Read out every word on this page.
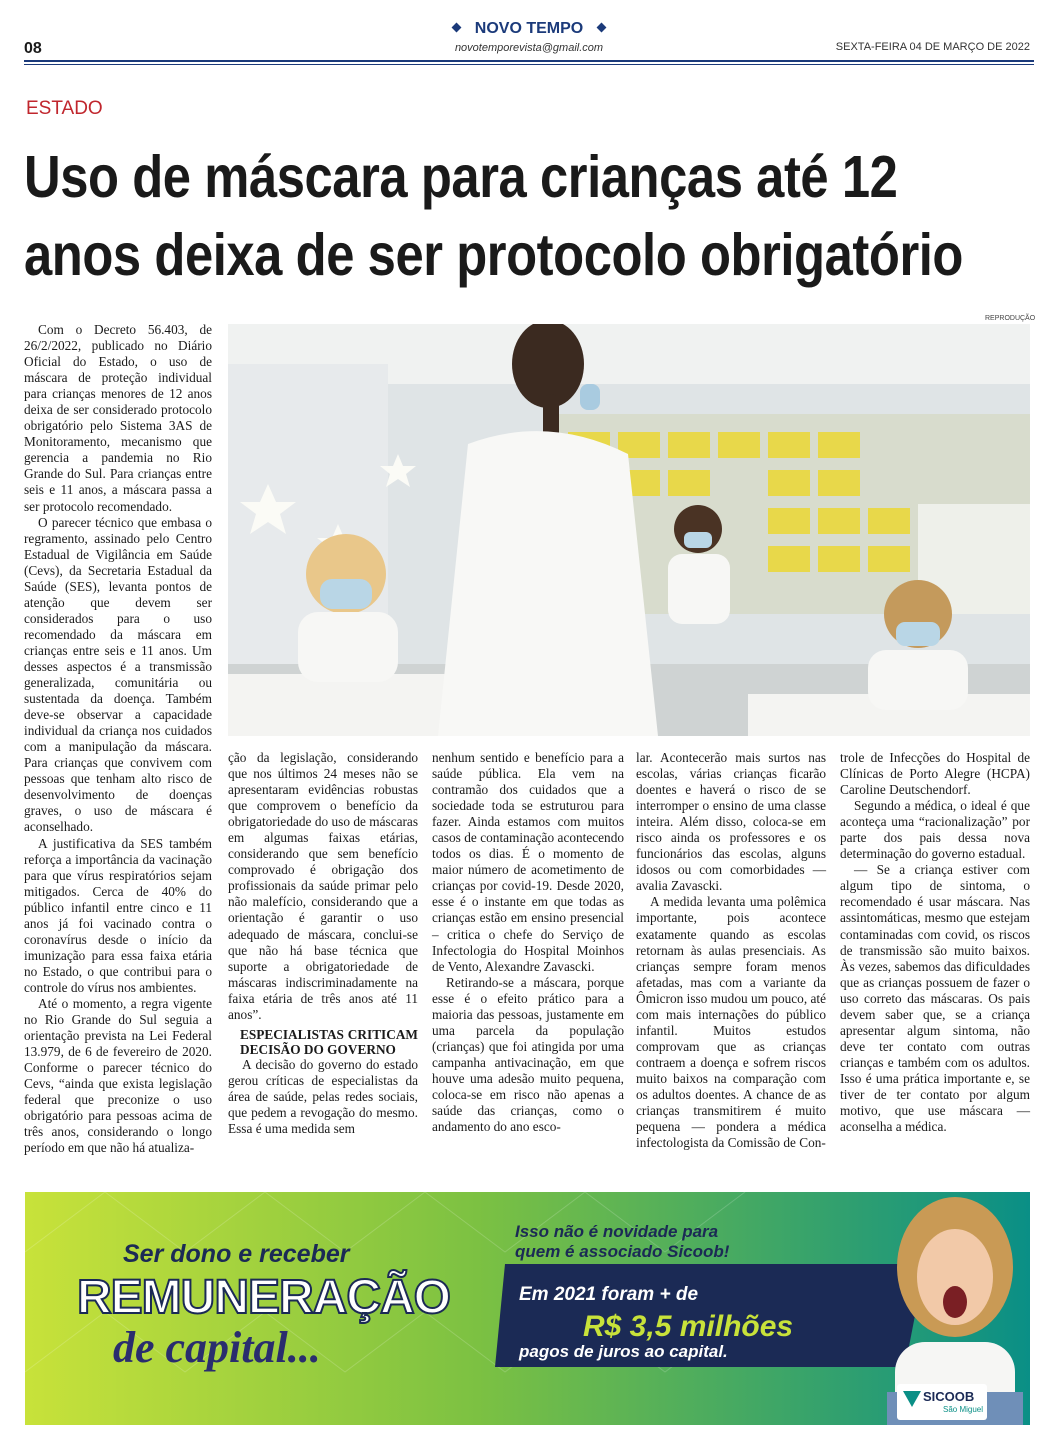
NOVO TEMPO
novotemporevista@gmail.com
08	SEXTA-FEIRA 04 DE MARÇO DE 2022
ESTADO
Uso de máscara para crianças até 12
anos deixa de ser protocolo obrigatório
REPRODUÇÃO

Com o Decreto 56.403, de 26/2/2022, publicado no Diário Oficial do Estado, o uso de máscara de proteção individual para crianças menores de 12 anos deixa de ser considerado protocolo obrigatório pelo Sistema 3AS de Monitoramento, mecanismo que gerencia a pandemia no Rio Grande do Sul. Para crianças entre seis e 11 anos, a máscara passa a ser protocolo recomendado.

O parecer técnico que embasa o regramento, assinado pelo Centro Estadual de Vigilância em Saúde (Cevs), da Secretaria Estadual da Saúde (SES), levanta pontos de atenção que devem ser considerados para o uso recomendado da máscara em crianças entre seis e 11 anos. Um desses aspectos é a transmissão generalizada, comunitária ou sustentada da doença. Também deve-se observar a capacidade individual da criança nos cuidados com a manipulação da máscara. Para crianças que convivem com pessoas que tenham alto risco de desenvolvimento de doenças graves, o uso de máscara é aconselhado.

A justificativa da SES também reforça a importância da vacinação para que vírus respiratórios sejam mitigados. Cerca de 40% do público infantil entre cinco e 11 anos já foi vacinado contra o coronavírus desde o início da imunização para essa faixa etária no Estado, o que contribui para o controle do vírus nos ambientes.

Até o momento, a regra vigente no Rio Grande do Sul seguia a orientação prevista na Lei Federal 13.979, de 6 de fevereiro de 2020. Conforme o parecer técnico do Cevs, “ainda que exista legislação federal que preconize o uso obrigatório para pessoas acima de três anos, considerando o longo período em que não há atualiza-

ção da legislação, considerando que nos últimos 24 meses não se apresentaram evidências robustas que comprovem o benefício da obrigatoriedade do uso de máscaras em algumas faixas etárias, considerando que sem benefício comprovado é obrigação dos profissionais da saúde primar pelo não malefício, considerando que a orientação é garantir o uso adequado de máscara, conclui-se que não há base técnica que suporte a obrigatoriedade de máscaras indiscriminadamente na faixa etária de três anos até 11 anos”.

ESPECIALISTAS CRITICAM DECISÃO DO GOVERNO

A decisão do governo do estado gerou críticas de especialistas da área de saúde, pelas redes sociais, que pedem a revogação do mesmo. Essa é uma medida sem

nenhum sentido e benefício para a saúde pública. Ela vem na contramão dos cuidados que a sociedade toda se estruturou para fazer. Ainda estamos com muitos casos de contaminação acontecendo todos os dias. É o momento de maior número de acometimento de crianças por covid-19. Desde 2020, esse é o instante em que todas as crianças estão em ensino presencial – critica o chefe do Serviço de Infectologia do Hospital Moinhos de Vento, Alexandre Zavascki.

Retirando-se a máscara, porque esse é o efeito prático para a maioria das pessoas, justamente em uma parcela da população (crianças) que foi atingida por uma campanha antivacinação, em que houve uma adesão muito pequena, coloca-se em risco não apenas a saúde das crianças, como o andamento do ano esco-

lar. Acontecerão mais surtos nas escolas, várias crianças ficarão doentes e haverá o risco de se interromper o ensino de uma classe inteira. Além disso, coloca-se em risco ainda os professores e os funcionários das escolas, alguns idosos ou com comorbidades — avalia Zavascki.

A medida levanta uma polêmica importante, pois acontece exatamente quando as escolas retornam às aulas presenciais. As crianças sempre foram menos afetadas, mas com a variante da Ômicron isso mudou um pouco, até com mais internações do público infantil. Muitos estudos comprovam que as crianças contraem a doença e sofrem riscos muito baixos na comparação com os adultos doentes. A chance de as crianças transmitirem é muito pequena — pondera a médica infectologista da Comissão de Con-

trole de Infecções do Hospital de Clínicas de Porto Alegre (HCPA) Caroline Deutschendorf.

Segundo a médica, o ideal é que aconteça uma “racionalização” por parte dos pais dessa nova determinação do governo estadual.

— Se a criança estiver com algum tipo de sintoma, o recomendado é usar máscara. Nas assintomáticas, mesmo que estejam contaminadas com covid, os riscos de transmissão são muito baixos. Às vezes, sabemos das dificuldades que as crianças possuem de fazer o uso correto das máscaras. Os pais devem saber que, se a criança apresentar algum sintoma, não deve ter contato com outras crianças e também com os adultos. Isso é uma prática importante e, se tiver de ter contato por algum motivo, que use máscara — aconselha a médica.

Ser dono e receber
REMUNERAÇÃO
de capital...
Isso não é novidade para
quem é associado Sicoob!
Em 2021 foram + de
R$ 3,5 milhões
pagos de juros ao capital.
SICOOB
São Miguel
